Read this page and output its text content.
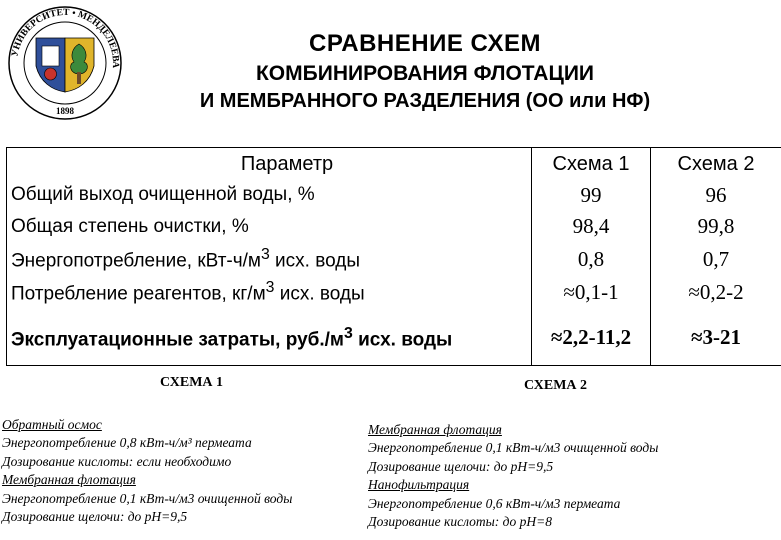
УНИВЕРСИТЕТ • МЕНДЕЛЕЕВА
1898
СРАВНЕНИЕ СХЕМ
КОМБИНИРОВАНИЯ ФЛОТАЦИИ
И МЕМБРАННОГО РАЗДЕЛЕНИЯ (ОО или НФ)
Параметр	Схема 1	Схема 2
Общий выход очищенной воды, %	99	96
Общая степень очистки, %	98,4	99,8
Энергопотребление, кВт-$ч/м^3$ исх. воды	0,8	0,7
Потребление реагентов, $кг/м^3$ исх. воды	≈0,1-1	≈0,2-2
Эксплуатационные затраты, $руб./м^3$ исх. воды	≈2,2-11,2	≈3-21
СХЕМА 1	СХЕМА 2
Обратный осмос
Энергопотребление 0,8 кВт-ч/м³ пермеата
Дозирование кислоты: если необходимо
Мембранная флотация
Энергопотребление 0,1 кВт-ч/м3 очищенной воды
Дозирование щелочи: до рН=9,5
Мембранная флотация
Энергопотребление 0,1 кВт-ч/м3 очищенной воды
Дозирование щелочи: до рН=9,5
Нанофильтрация
Энергопотребление 0,6 кВт-ч/м3 пермеата
Дозирование кислоты: до рН=8
